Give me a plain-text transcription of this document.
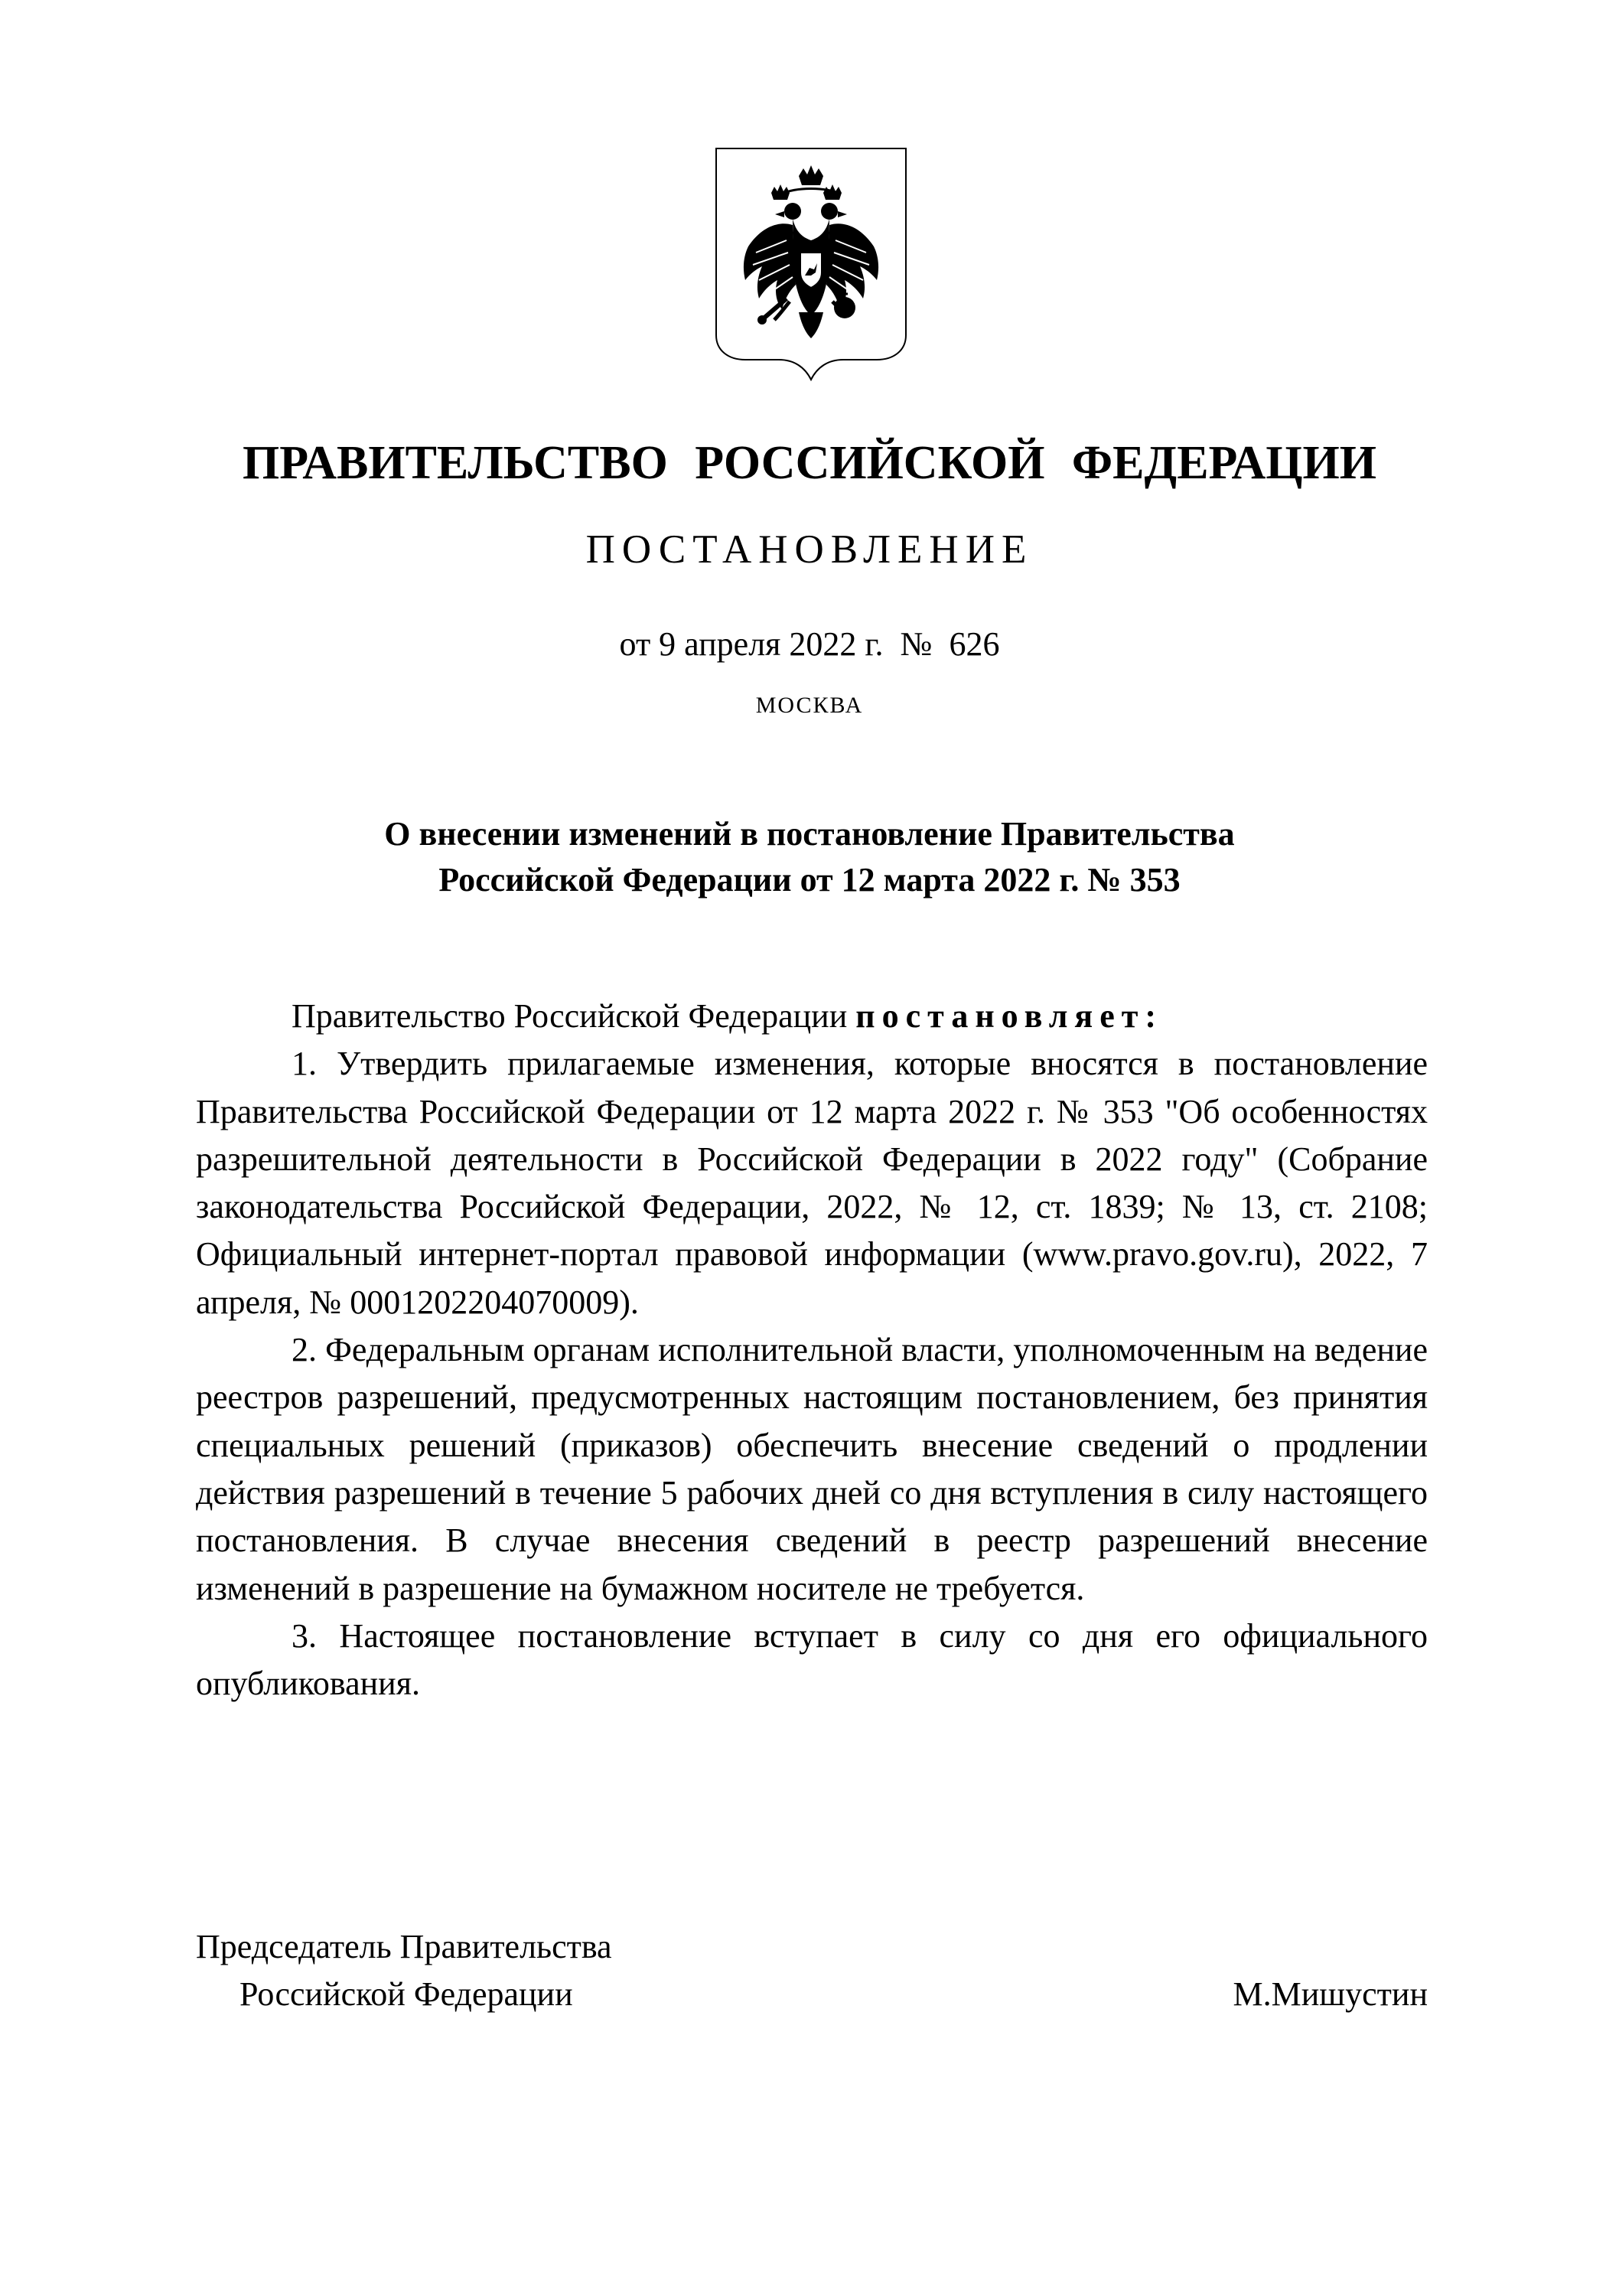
ПРАВИТЕЛЬСТВО РОССИЙСКОЙ ФЕДЕРАЦИИ
ПОСТАНОВЛЕНИЕ
от 9 апреля 2022 г.  №  626
МОСКВА
О внесении изменений в постановление Правительства
Российской Федерации от 12 марта 2022 г. № 353

Правительство Российской Федерации постановляет:

1. Утвердить прилагаемые изменения, которые вносятся в постановление Правительства Российской Федерации от 12 марта 2022 г. № 353 "Об особенностях разрешительной деятельности в Российской Федерации в 2022 году" (Собрание законодательства Российской Федерации, 2022, № 12, ст. 1839; № 13, ст. 2108; Официальный интернет-портал правовой информации (www.pravo.gov.ru), 2022, 7 апреля, № 0001202204070009).

2. Федеральным органам исполнительной власти, уполномоченным на ведение реестров разрешений, предусмотренных настоящим постановлением, без принятия специальных решений (приказов) обеспечить внесение сведений о продлении действия разрешений в течение 5 рабочих дней со дня вступления в силу настоящего постановления. В случае внесения сведений в реестр разрешений внесение изменений в разрешение на бумажном носителе не требуется.

3. Настоящее постановление вступает в силу со дня его официального опубликования.

Председатель Правительства
Российской Федерации	М.Мишустин
